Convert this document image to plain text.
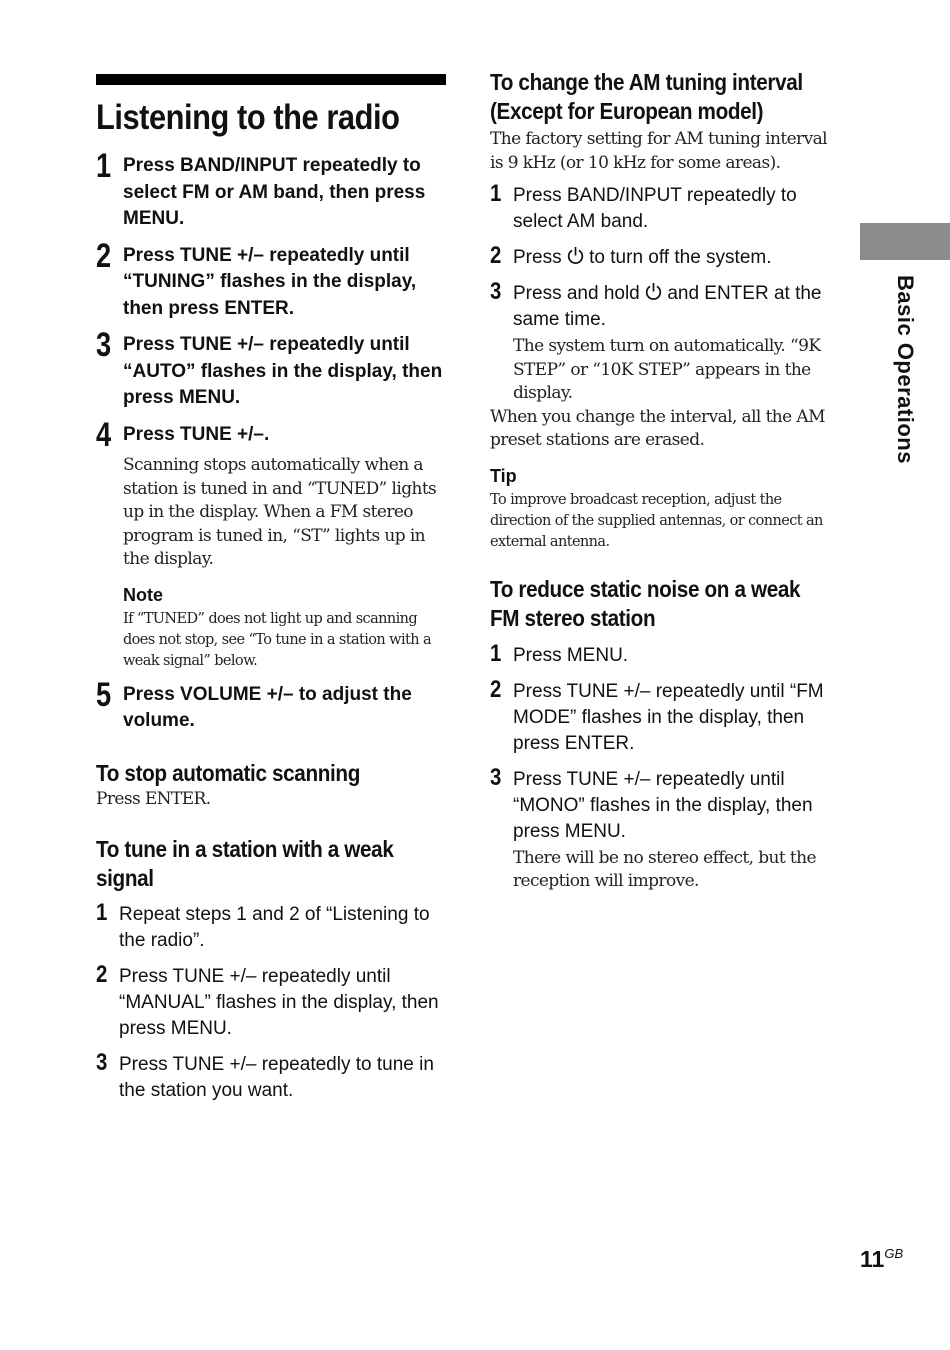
Listening to the radio
1 Press BAND/INPUT repeatedly to select FM or AM band, then press MENU.
2 Press TUNE +/– repeatedly until “TUNING” flashes in the display, then press ENTER.
3 Press TUNE +/– repeatedly until “AUTO” flashes in the display, then press MENU.
4 Press TUNE +/–.
Scanning stops automatically when a station is tuned in and “TUNED” lights up in the display. When a FM stereo program is tuned in, “ST” lights up in the display.
Note
If “TUNED” does not light up and scanning does not stop, see “To tune in a station with a weak signal” below.
5 Press VOLUME +/– to adjust the volume.
To stop automatic scanning
Press ENTER.
To tune in a station with a weak signal
1 Repeat steps 1 and 2 of “Listening to the radio”.
2 Press TUNE +/– repeatedly until “MANUAL” flashes in the display, then press MENU.
3 Press TUNE +/– repeatedly to tune in the station you want.
To change the AM tuning interval (Except for European model)
The factory setting for AM tuning interval is 9 kHz (or 10 kHz for some areas).
1 Press BAND/INPUT repeatedly to select AM band.
2 Press to turn off the system.
3 Press and hold and ENTER at the same time.
The system turn on automatically. “9K STEP” or “10K STEP” appears in the display.
When you change the interval, all the AM preset stations are erased.
Tip
To improve broadcast reception, adjust the direction of the supplied antennas, or connect an external antenna.
To reduce static noise on a weak FM stereo station
1 Press MENU.
2 Press TUNE +/– repeatedly until “FM MODE” flashes in the display, then press ENTER.
3 Press TUNE +/– repeatedly until “MONO” flashes in the display, then press MENU.
There will be no stereo effect, but the reception will improve.
Basic Operations
$11^{GB}$
